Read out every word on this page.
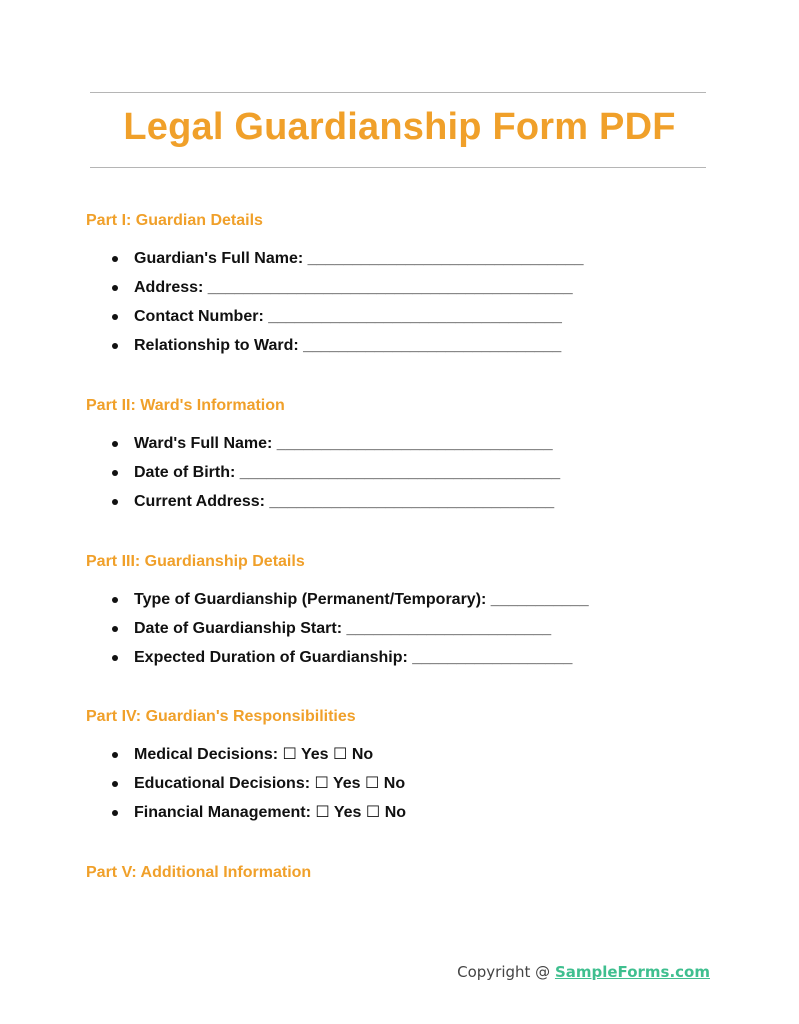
Legal Guardianship Form PDF
Part I: Guardian Details
Guardian's Full Name: _______________________________
Address: _________________________________________
Contact Number: _________________________________
Relationship to Ward: _____________________________
Part II: Ward's Information
Ward's Full Name: _______________________________
Date of Birth: ____________________________________
Current Address: ________________________________
Part III: Guardianship Details
Type of Guardianship (Permanent/Temporary): ___________
Date of Guardianship Start: _______________________
Expected Duration of Guardianship: __________________
Part IV: Guardian's Responsibilities
Medical Decisions: ☐ Yes ☐ No
Educational Decisions: ☐ Yes ☐ No
Financial Management: ☐ Yes ☐ No
Part V: Additional Information
Copyright @ SampleForms.com
